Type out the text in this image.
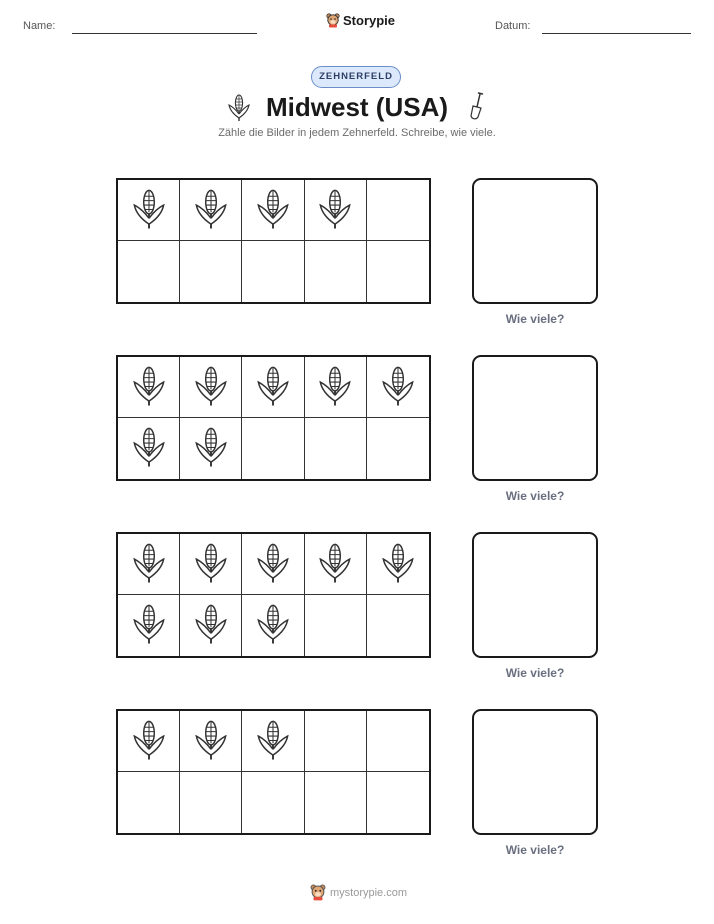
Name:	Storypie	Datum:
ZEHNERFELD
Midwest (USA)
Zähle die Bilder in jedem Zehnerfeld. Schreibe, wie viele.
Wie viele?
Wie viele?
Wie viele?
Wie viele?
mystorypie.com
